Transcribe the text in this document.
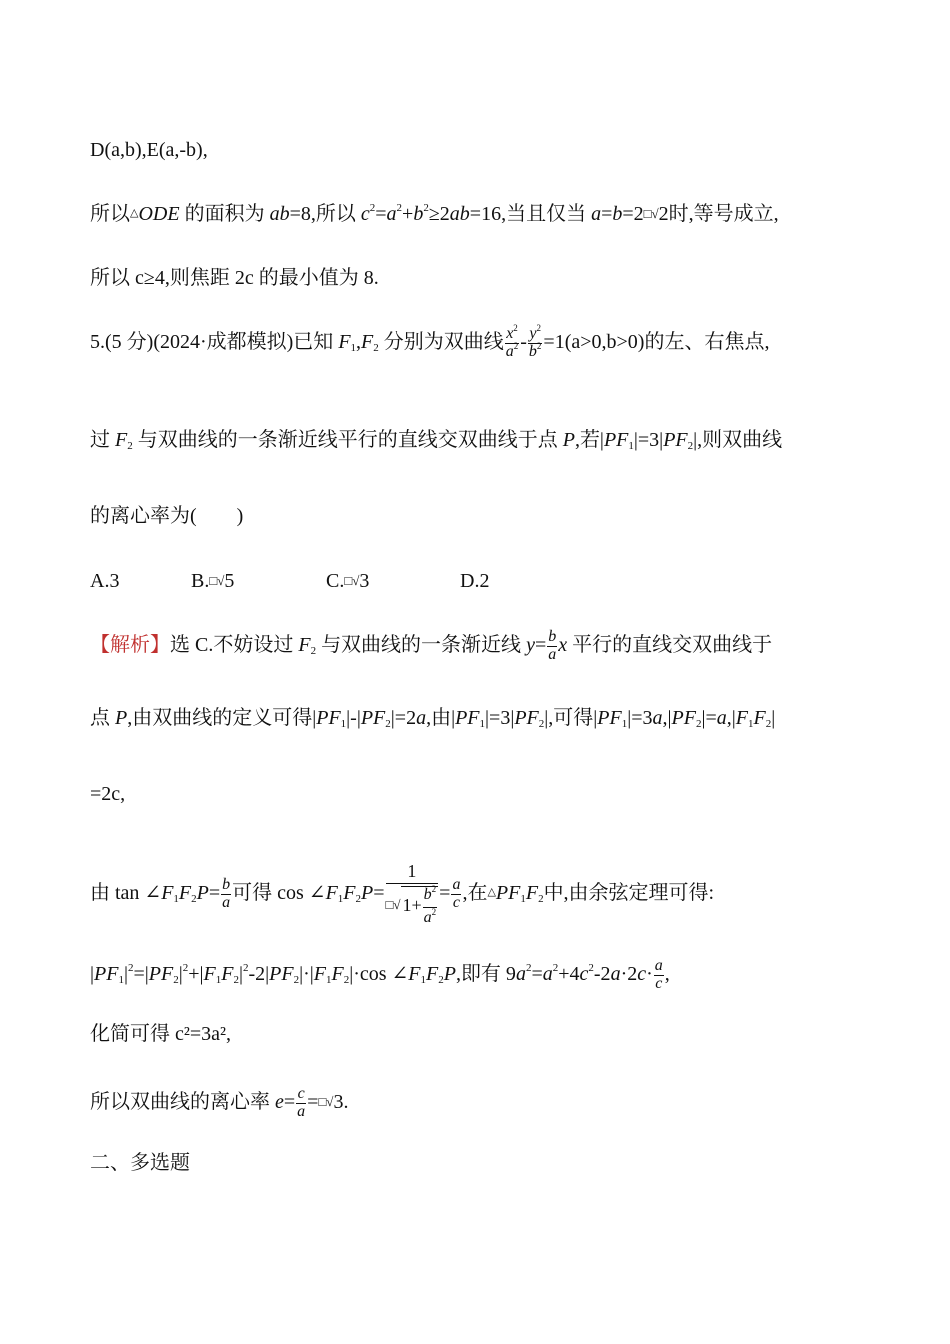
D(a,b),E(a,-b),
所以△ODE 的面积为 ab=8,所以 $c^2=a^2+b^2\ge 2ab=16$,当且仅当 a=b=2□√2时,等号成立,
所以 c≥4,则焦距 2c 的最小值为 8.
5.(5 分)(2024·成都模拟)已知 $F_1,F_2$ 分别为双曲线 $\frac{x^2}{a^2} - \frac{y^2}{b^2} =1(a>0,b>0)$的左、右焦点,
过 $F_2$ 与双曲线的一条渐近线平行的直线交双曲线于点 P,若$|PF_1|=3|PF_2|$,则双曲线
的离心率为(　　)
A.3	B.□√5	C.□√3	D.2
【解析】选 C.不妨设过 $F_2$ 与双曲线的一条渐近线 $y= \frac{b}{a}$ x 平行的直线交双曲线于
点 P,由双曲线的定义可得$|PF_1|-|PF_2|=2a$,由$|PF_1|=3|PF_2|$,可得$|PF_1|=3a,|PF_2|=a,|F_1F_2|$
=2c,
由 $\tan \angle F_1F_2P= \frac{b}{a}$ 可得 $\cos \angle F_1F_2P= \frac{1}{□√ 1+ \frac{b^2}{a^2}} = \frac{a}{c}$ ,在$^\triangle PF_1F_2$中,由余弦定理可得:
$|PF_1|^2=|PF_2|^2+|F_1F_2|^2-2|PF_2|\cdot|F_1F_2|\cdot\cos$ $\angle F_1F_2P$,即有 $9a^2=a^2+4c^2-2a\cdot 2c\cdot \frac{a}{c}$ ,
化简可得 c²=3a²,
所以双曲线的离心率 $e= \frac{c}{a}$ =□√3.
二、多选题
